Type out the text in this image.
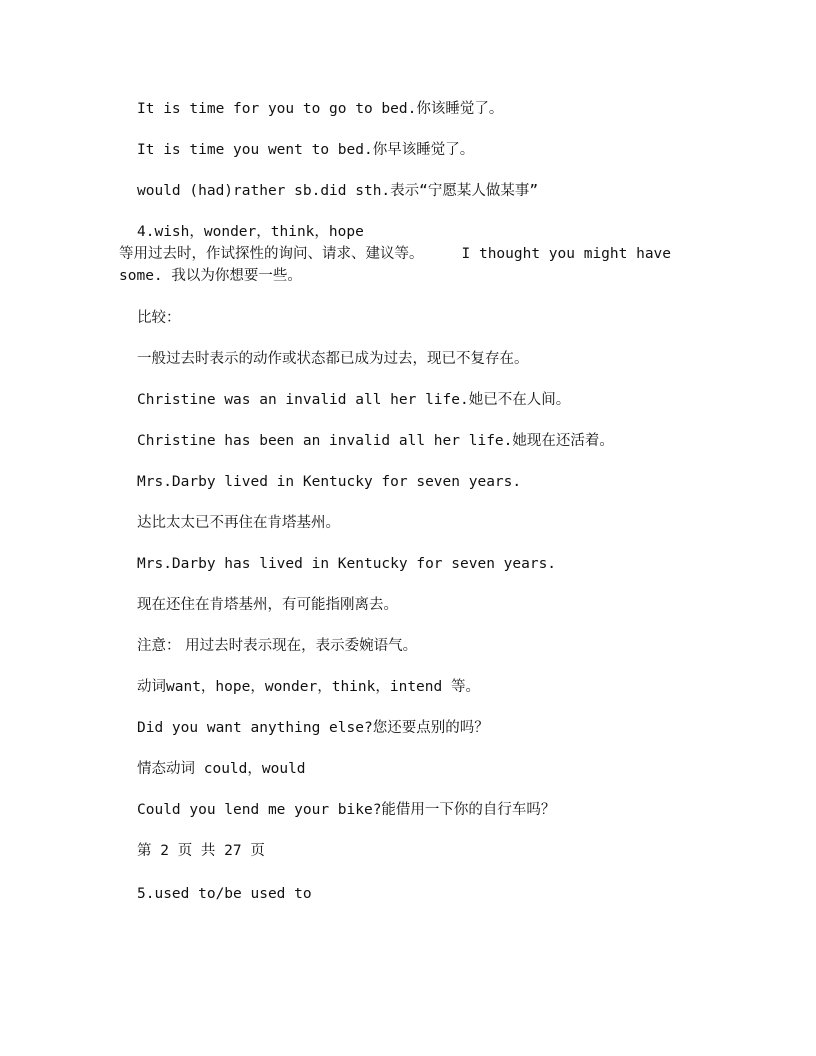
It is time for you to go to bed.你该睡觉了。
It is time you went to bed.你早该睡觉了。
would (had)rather sb.did sth.表示“宁愿某人做某事”
4.wish，wonder，think，hope
等用过去时，作试探性的询问、请求、建议等。	I thought you might have some. 我以为你想要一些。
比较：
一般过去时表示的动作或状态都已成为过去，现已不复存在。
Christine was an invalid all her life.她已不在人间。
Christine has been an invalid all her life.她现在还活着。
Mrs.Darby lived in Kentucky for seven years.
达比太太已不再住在肯塔基州。
Mrs.Darby has lived in Kentucky for seven years.
现在还住在肯塔基州，有可能指刚离去。
注意： 用过去时表示现在，表示委婉语气。
动词want，hope，wonder，think，intend 等。
Did you want anything else?您还要点别的吗？
情态动词 could，would
Could you lend me your bike?能借用一下你的自行车吗？
第 2 页 共 27 页
5.used to/be used to
